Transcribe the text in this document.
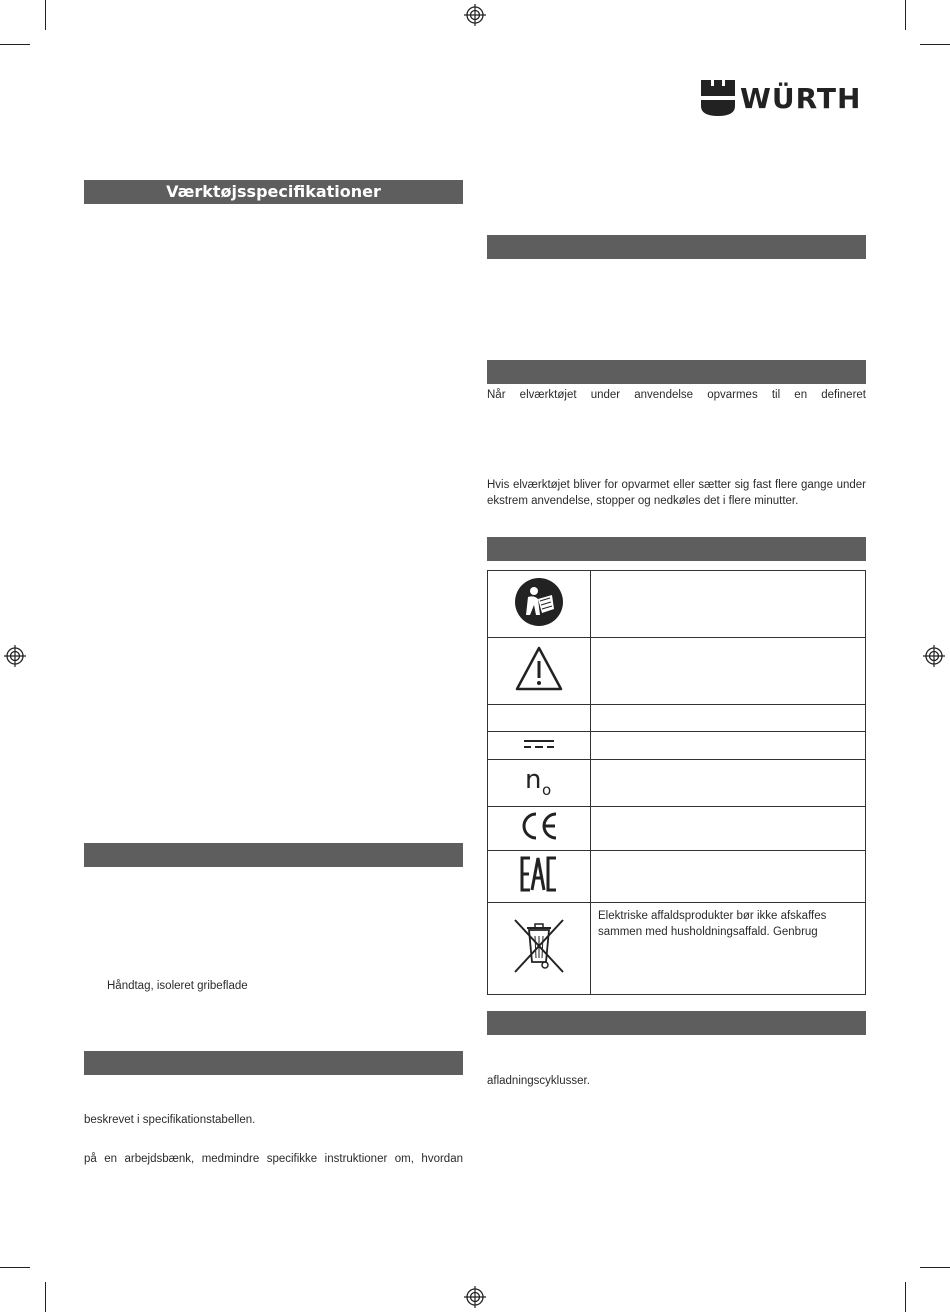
WÜRTH
Værktøjsspecifikationer
Håndtag, isoleret gribeflade
beskrevet i specifikationstabellen.
på en arbejdsbænk, medmindre specifikke instruktioner om, hvordan
Når elværktøjet under anvendelse opvarmes til en defineret
Hvis elværktøjet bliver for opvarmet eller sætter sig fast flere gange under ekstrem anvendelse, stopper og nedkøles det i flere minutter.

n o	

	Elektriske affaldsprodukter bør ikke afskaffes sammen med husholdningsaffald. Genbrug
afladningscyklusser.
